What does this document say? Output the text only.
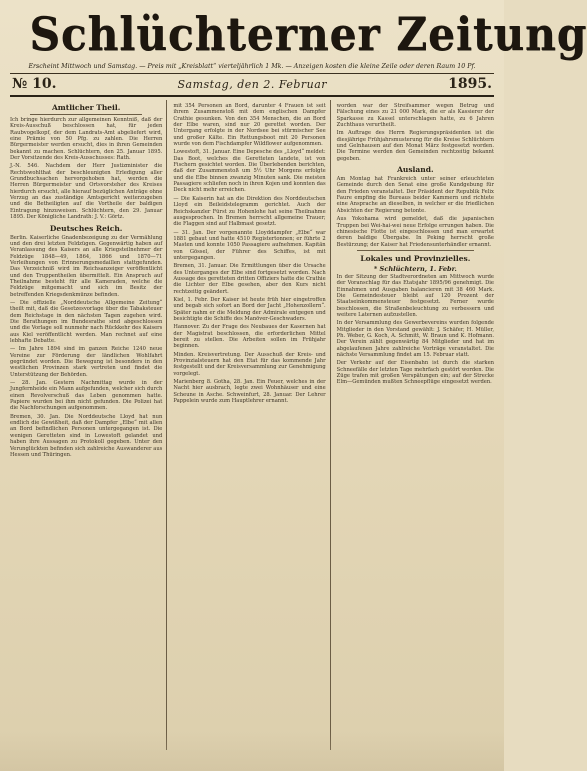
Schlüchterner Zeitung
Erscheint Mittwoch und Samstag. — Preis mit „Kreisblatt“ vierteljährlich 1 Mk. — Anzeigen kosten die kleine Zeile oder deren Raum 10 Pf.
№ 10.	Samstag, den 2. Februar	1895.
Amtlicher Theil.

Ich bringe hierdurch zur allgemeinen Kenntniß, daß der Kreis-Ausschuß beschlossen hat, für jeden Raubvogelkopf, der dem Landrats-Amt abgeliefert wird, eine Prämie von 50 Pfg. zu zahlen. Die Herren Bürgermeister werden ersucht, dies in ihren Gemeinden bekannt zu machen. Schlüchtern, den 25. Januar 1895. Der Vorsitzende des Kreis-Ausschusses: Rath.

J.-N. 546. Nachdem der Herr Justizminister die Rechtswohlthat der beschleunigten Erledigung aller Grundbuchsachen hervorgehoben hat, werden die Herren Bürgermeister und Ortsvorsteher des Kreises hierdurch ersucht, alle hierauf bezüglichen Anträge ohne Verzug an das zuständige Amtsgericht weiterzugeben und die Betheiligten auf die Vortheile der baldigen Eintragung hinzuweisen. Schlüchtern, den 29. Januar 1895. Der Königliche Landrath: J. V.: Görtz.

Deutsches Reich.

Berlin. Kaiserliche Gnadenbezeigung zu der Vermählung und den drei letzten Feldzügen. Gegenwärtig haben auf Veranlassung des Kaisers an alle Kriegsteilnehmer der Feldzüge 1848—49, 1864, 1866 und 1870—71 Verleihungen von Erinnerungsmedaillen stattgefunden. Das Verzeichniß wird im Reichsanzeiger veröffentlicht und den Truppentheilen übermittelt. Ein Anspruch auf Theilnahme besteht für alle Kameraden, welche die Feldzüge mitgemacht und sich im Besitz der betreffenden Kriegsdenkmünze befinden.

— Die offizielle „Norddeutsche Allgemeine Zeitung“ theilt mit, daß die Gesetzesvorlage über die Tabaksteuer dem Reichstage in den nächsten Tagen zugehen wird. Die Berathungen im Bundesrathe sind abgeschlossen und die Vorlage soll nunmehr nach Rückkehr des Kaisers aus Kiel veröffentlicht werden. Man rechnet auf eine lebhafte Debatte.

— Im Jahre 1894 sind im ganzen Reiche 1240 neue Vereine zur Förderung der ländlichen Wohlfahrt gegründet worden. Die Bewegung ist besonders in den westlichen Provinzen stark vertreten und findet die Unterstützung der Behörden.

— 28. Jan. Gestern Nachmittag wurde in der Jungfernheide ein Mann aufgefunden, welcher sich durch einen Revolverschuß das Leben genommen hatte. Papiere wurden bei ihm nicht gefunden. Die Polizei hat die Nachforschungen aufgenommen.

Bremen, 30. Jan. Die Norddeutsche Lloyd hat nun endlich die Gewißheit, daß der Dampfer „Elbe“ mit allen an Bord befindlichen Personen untergegangen ist. Die wenigen Geretteten sind in Lowestoft gelandet und haben ihre Aussagen zu Protokoll gegeben. Unter den Verunglückten befinden sich zahlreiche Auswanderer aus Hessen und Thüringen.

mit 354 Personen an Bord, darunter 4 Frauen ist seit ihrem Zusammenstoß mit dem englischen Dampfer Crathie gesunken. Von den 354 Menschen, die an Bord der Elbe waren, sind nur 20 gerettet worden. Der Untergang erfolgte in der Nordsee bei stürmischer See und großer Kälte. Ein Rettungsboot mit 20 Personen wurde von dem Fischdampfer Wildflower aufgenommen.

Lowestoft, 31. Januar. Eine Depesche des „Lloyd“ meldet: Das Boot, welches die Geretteten landete, ist von Fischern gesichtet worden. Die Überlebenden berichten, daß der Zusammenstoß um 5½ Uhr Morgens erfolgte und die Elbe binnen zwanzig Minuten sank. Die meisten Passagiere schliefen noch in ihren Kojen und konnten das Deck nicht mehr erreichen.

— Die Kaiserin hat an die Direktion des Norddeutschen Lloyd ein Beileidstelegramm gerichtet. Auch der Reichskanzler Fürst zu Hohenlohe hat seine Theilnahme ausgesprochen. In Bremen herrscht allgemeine Trauer; die Flaggen sind auf Halbmast gesetzt.

— 31. Jan. Der vorgenannte Lloyddampfer „Elbe“ war 1881 gebaut und hatte 4510 Registertonnen; er führte 2 Masten und konnte 1050 Passagiere aufnehmen. Kapitän von Gössel, der Führer des Schiffes, ist mit untergegangen.

Bremen, 31. Januar. Die Ermittlungen über die Ursache des Unterganges der Elbe sind fortgesetzt worden. Nach Aussage des geretteten dritten Offiziers hatte die Crathie die Lichter der Elbe gesehen, aber den Kurs nicht rechtzeitig geändert.

Kiel, 1. Febr. Der Kaiser ist heute früh hier eingetroffen und begab sich sofort an Bord der Jacht „Hohenzollern“. Später nahm er die Meldung der Admirale entgegen und besichtigte die Schiffe des Manöver-Geschwaders.

Hannover. Zu der Frage des Neubaues der Kasernen hat der Magistrat beschlossen, die erforderlichen Mittel bereit zu stellen. Die Arbeiten sollen im Frühjahr beginnen.

Minden. Kreisvertretung. Der Ausschuß der Kreis- und Provinzialsteuern hat den Etat für das kommende Jahr festgestellt und der Kreisversammlung zur Genehmigung vorgelegt.

Marienberg 8. Gotha, 28. Jan. Ein Feuer, welches in der Nacht hier ausbrach, legte zwei Wohnhäuser und eine Scheune in Asche. Schweinfurt, 28. Januar. Der Lehrer Pappelein wurde zum Hauptlehrer ernannt.

worden war der Streifsammer wegen Betrug und Fälschung eines zu 21 000 Mark, die er als Kassierer der Sparkasse zu Kassel unterschlagen hatte, zu 6 Jahren Zuchthaus verurtheilt.

Im Auftrage des Herrn Regierungspräsidenten ist die diesjährige Frühjahrsmusterung für die Kreise Schlüchtern und Gelnhausen auf den Monat März festgesetzt worden. Die Termine werden den Gemeinden rechtzeitig bekannt gegeben.

Ausland.

Am Montag hat Frankreich unter seiner erleuchteten Gemeinde durch den Senat eine große Kundgebung für den Frieden veranstaltet. Der Präsident der Republik Felix Faure empfing die Bureaus beider Kammern und richtete eine Ansprache an dieselben, in welcher er die friedlichen Absichten der Regierung betonte.

Aus Yokohama wird gemeldet, daß die japanischen Truppen bei Wei-hai-wei neue Erfolge errungen haben. Die chinesische Flotte ist eingeschlossen und man erwartet deren baldige Übergabe. In Peking herrscht große Bestürzung; der Kaiser hat Friedensunterhändler ernannt.

Lokales und Provinzielles.
* Schlüchtern, 1. Febr.

In der Sitzung der Stadtverordneten am Mittwoch wurde der Voranschlag für das Etatsjahr 1895/96 genehmigt. Die Einnahmen und Ausgaben balancieren mit 38 460 Mark. Die Gemeindesteuer bleibt auf 120 Prozent der Staatseinkommensteuer festgesetzt. Ferner wurde beschlossen, die Straßenbeleuchtung zu verbessern und weitere Laternen aufzustellen.

In der Versammlung des Gewerbevereins wurden folgende Mitglieder in den Vorstand gewählt: J. Schäfer, H. Müller, Ph. Weber, G. Koch, A. Schmitt, W. Braun und K. Hofmann. Der Verein zählt gegenwärtig 84 Mitglieder und hat im abgelaufenen Jahre zahlreiche Vorträge veranstaltet. Die nächste Versammlung findet am 15. Februar statt.

Der Verkehr auf der Eisenbahn ist durch die starken Schneefälle der letzten Tage mehrfach gestört worden. Die Züge trafen mit großen Verspätungen ein; auf der Strecke Elm—Gemünden mußten Schneepflüge eingesetzt werden.
